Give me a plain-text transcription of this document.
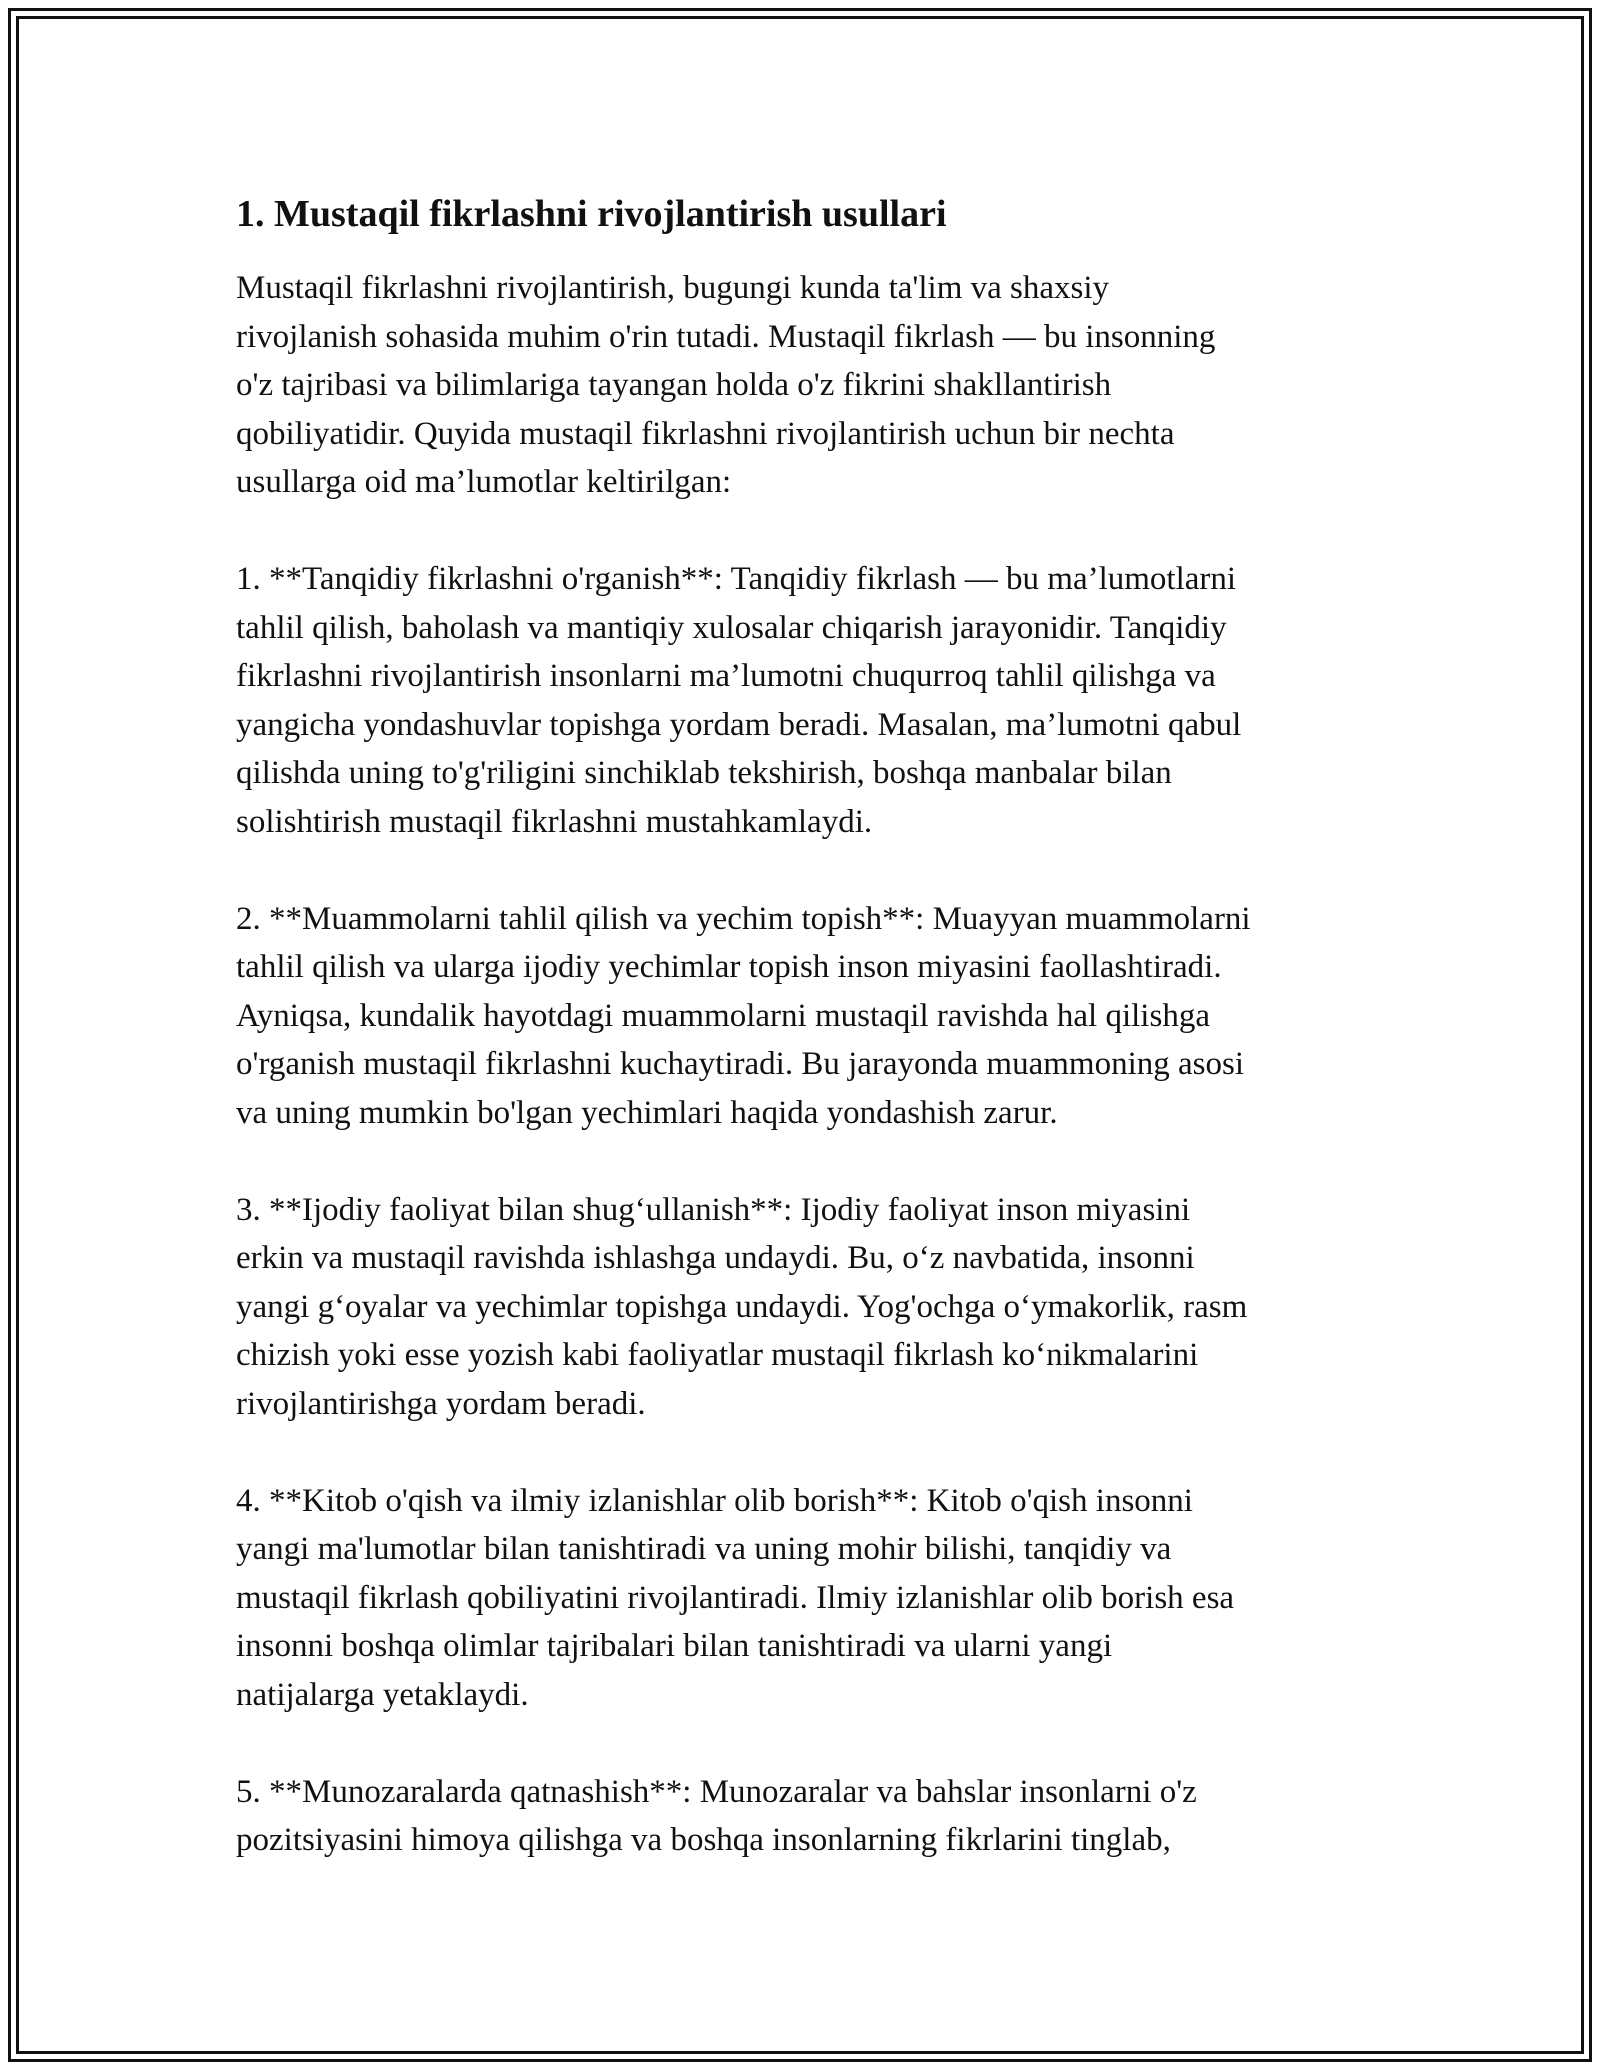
1. Mustaqil fikrlashni rivojlantirish usullari

Mustaqil fikrlashni rivojlantirish, bugungi kunda ta'lim va shaxsiy
rivojlanish sohasida muhim o'rin tutadi. Mustaqil fikrlash — bu insonning
o'z tajribasi va bilimlariga tayangan holda o'z fikrini shakllantirish
qobiliyatidir. Quyida mustaqil fikrlashni rivojlantirish uchun bir nechta
usullarga oid ma’lumotlar keltirilgan:

1. **Tanqidiy fikrlashni o'rganish**: Tanqidiy fikrlash — bu ma’lumotlarni
tahlil qilish, baholash va mantiqiy xulosalar chiqarish jarayonidir. Tanqidiy
fikrlashni rivojlantirish insonlarni ma’lumotni chuqurroq tahlil qilishga va
yangicha yondashuvlar topishga yordam beradi. Masalan, ma’lumotni qabul
qilishda uning to'g'riligini sinchiklab tekshirish, boshqa manbalar bilan
solishtirish mustaqil fikrlashni mustahkamlaydi.

2. **Muammolarni tahlil qilish va yechim topish**: Muayyan muammolarni
tahlil qilish va ularga ijodiy yechimlar topish inson miyasini faollashtiradi.
Ayniqsa, kundalik hayotdagi muammolarni mustaqil ravishda hal qilishga
o'rganish mustaqil fikrlashni kuchaytiradi. Bu jarayonda muammoning asosi
va uning mumkin bo'lgan yechimlari haqida yondashish zarur.

3. **Ijodiy faoliyat bilan shug‘ullanish**: Ijodiy faoliyat inson miyasini
erkin va mustaqil ravishda ishlashga undaydi. Bu, o‘z navbatida, insonni
yangi g‘oyalar va yechimlar topishga undaydi. Yog'ochga o‘ymakorlik, rasm
chizish yoki esse yozish kabi faoliyatlar mustaqil fikrlash ko‘nikmalarini
rivojlantirishga yordam beradi.

4. **Kitob o'qish va ilmiy izlanishlar olib borish**: Kitob o'qish insonni
yangi ma'lumotlar bilan tanishtiradi va uning mohir bilishi, tanqidiy va
mustaqil fikrlash qobiliyatini rivojlantiradi. Ilmiy izlanishlar olib borish esa
insonni boshqa olimlar tajribalari bilan tanishtiradi va ularni yangi
natijalarga yetaklaydi.

5. **Munozaralarda qatnashish**: Munozaralar va bahslar insonlarni o'z
pozitsiyasini himoya qilishga va boshqa insonlarning fikrlarini tinglab,
